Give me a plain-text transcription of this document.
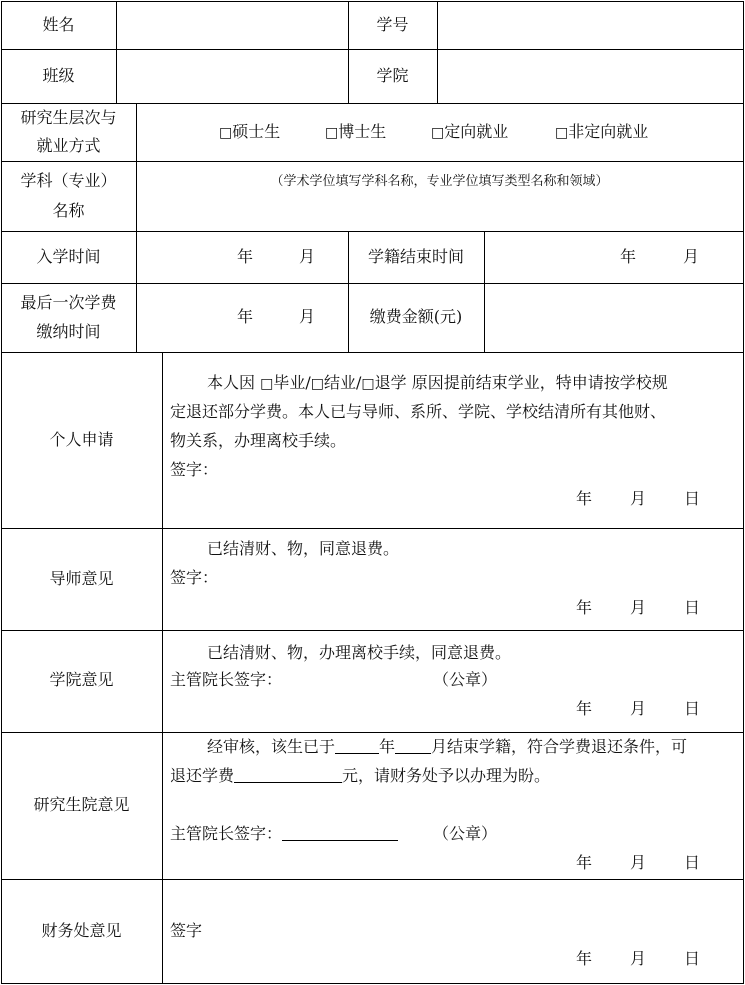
姓名	学号
班级	学院
研究生层次与
就业方式
□硕士生	□博士生	□定向就业	□非定向就业
学科（专业）
名称
（学术学位填写学科名称，专业学位填写类型名称和领域）
入学时间	年	月	学籍结束时间	年	月
最后一次学费
缴纳时间
年	月	缴费金额(元)
个人申请
本人因 □毕业/□结业/□退学 原因提前结束学业，特申请按学校规
定退还部分学费。本人已与导师、系所、学院、学校结清所有其他财、
物关系，办理离校手续。
签字：
年 月 日
导师意见
已结清财、物，同意退费。
签字：
年 月 日
学院意见
已结清财、物，办理离校手续，同意退费。
主管院长签字：	（公章）
年 月 日
研究生院意见
经审核，该生已于	年 月结束学籍，符合学费退还条件，可
退还学费	元，请财务处予以办理为盼。
主管院长签字：	（公章）
年 月 日
财务处意见	签字
年 月 日
